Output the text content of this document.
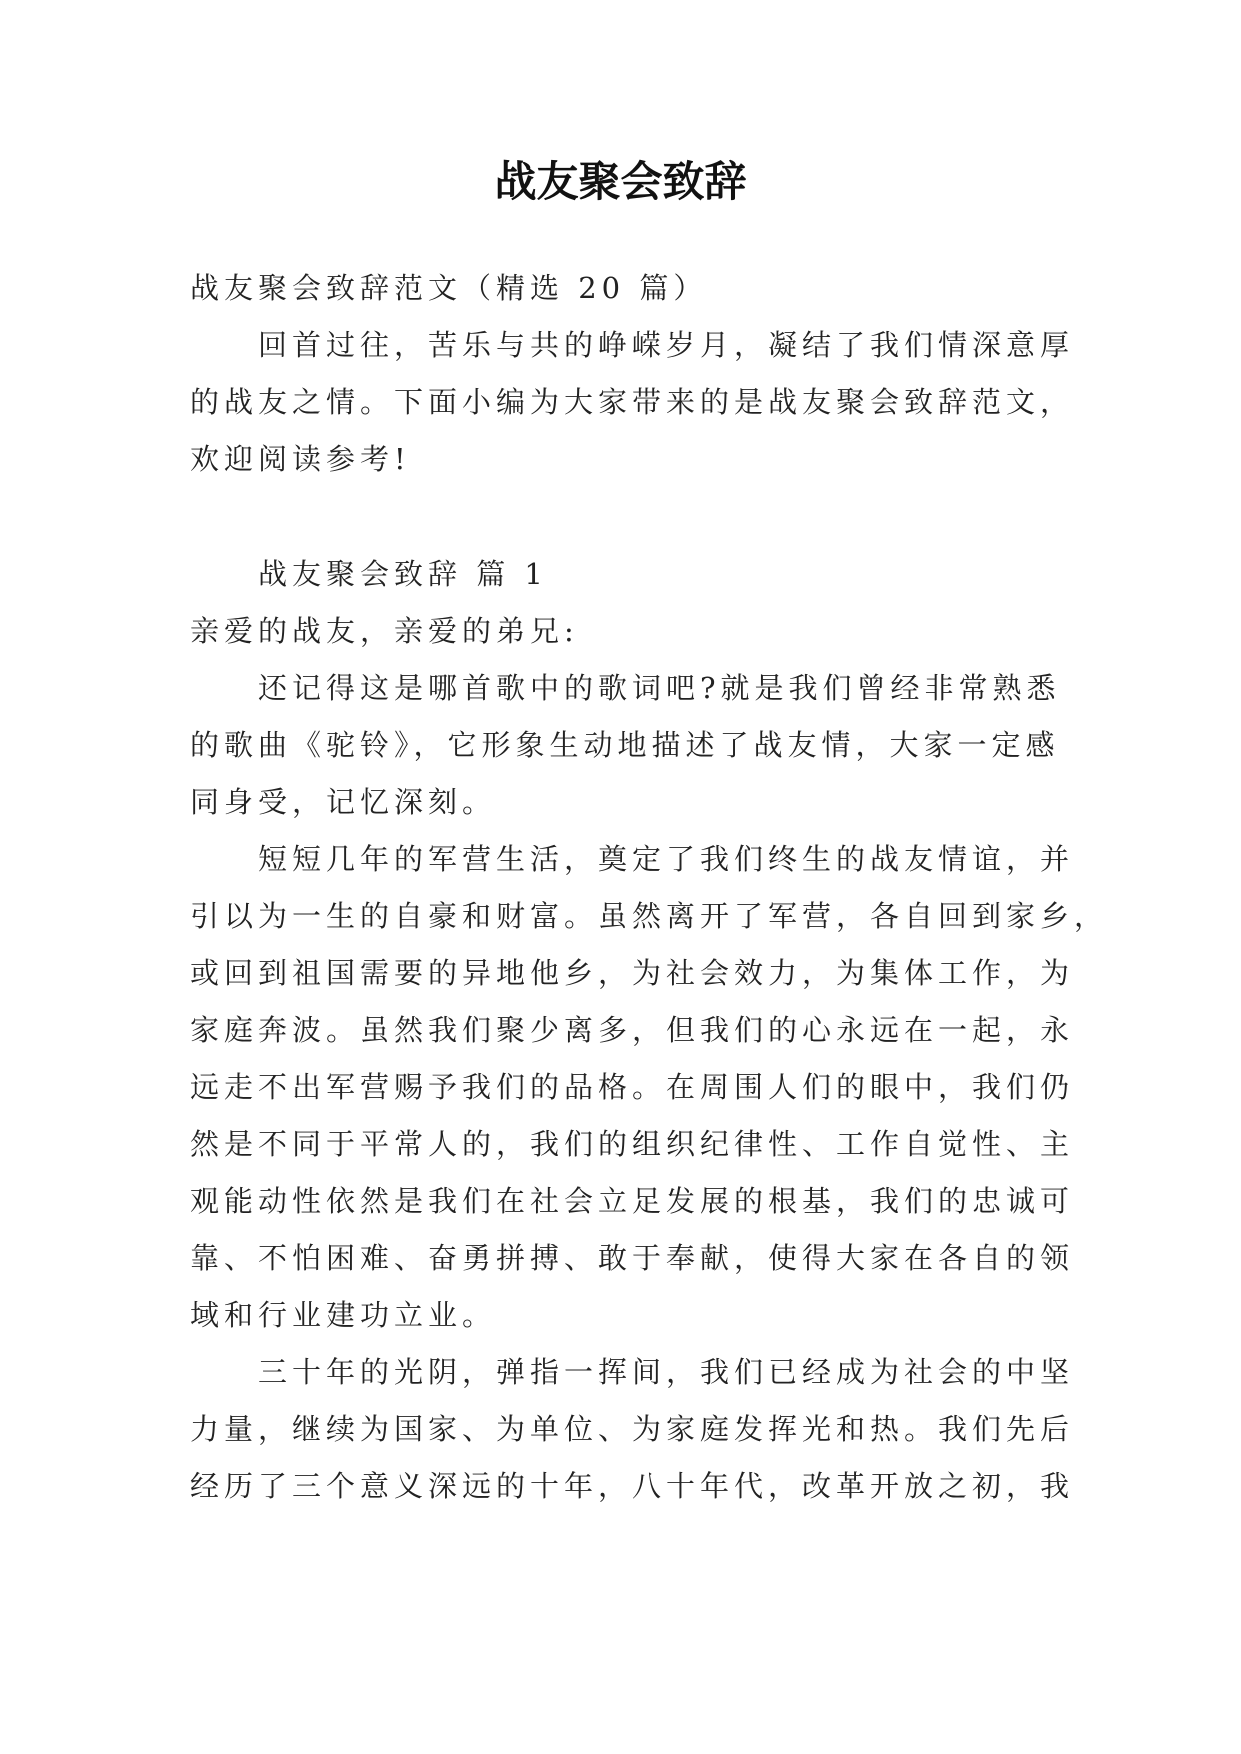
战友聚会致辞
战友聚会致辞范文（精选 20 篇）
回首过往，苦乐与共的峥嵘岁月，凝结了我们情深意厚
的战友之情。下面小编为大家带来的是战友聚会致辞范文，
欢迎阅读参考!
战友聚会致辞 篇 1
亲爱的战友，亲爱的弟兄:
还记得这是哪首歌中的歌词吧?就是我们曾经非常熟悉
的歌曲《驼铃》，它形象生动地描述了战友情，大家一定感
同身受，记忆深刻。
短短几年的军营生活，奠定了我们终生的战友情谊，并
引以为一生的自豪和财富。虽然离开了军营，各自回到家乡，
或回到祖国需要的异地他乡，为社会效力，为集体工作，为
家庭奔波。虽然我们聚少离多，但我们的心永远在一起，永
远走不出军营赐予我们的品格。在周围人们的眼中，我们仍
然是不同于平常人的，我们的组织纪律性、工作自觉性、主
观能动性依然是我们在社会立足发展的根基，我们的忠诚可
靠、不怕困难、奋勇拼搏、敢于奉献，使得大家在各自的领
域和行业建功立业。
三十年的光阴，弹指一挥间，我们已经成为社会的中坚
力量，继续为国家、为单位、为家庭发挥光和热。我们先后
经历了三个意义深远的十年，八十年代，改革开放之初，我
